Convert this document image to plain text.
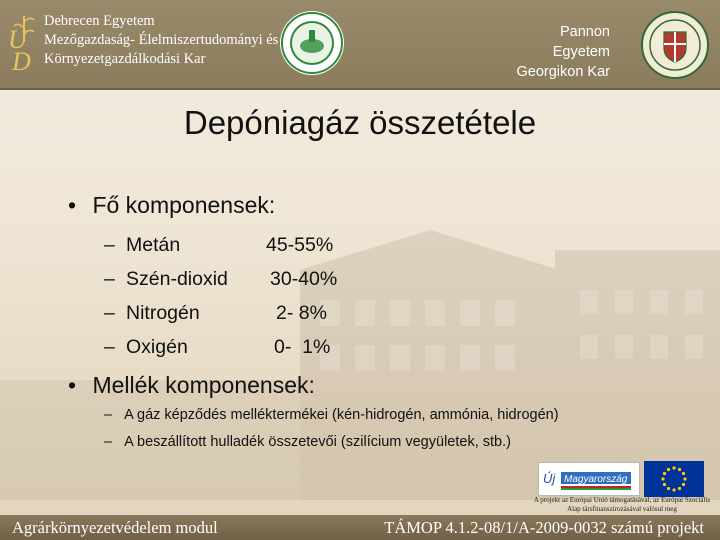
U
D
Debrecen Egyetem
Mezőgazdaság- Élelmiszertudományi és
Környezetgazdálkodási Kar
Pannon Egyetem
Georgikon Kar
Depóniagáz összetétele
• Fő komponensek:
– Metán	45-55%
– Szén-dioxid 30-40%
– Nitrogén	2- 8%
– Oxigén	0-  1%
• Mellék komponensek:
– A gáz képződés melléktermékei (kén-hidrogén, ammónia, hidrogén)
– A beszállított hulladék összetevői (szilícium vegyületek, stb.)
Új Magyarország
A projekt az Európai Unió támogatásával, az Európai Szociális Alap társfinanszírozásával valósul meg
Agrárkörnyezetvédelem modul	TÁMOP 4.1.2-08/1/A-2009-0032 számú projekt
